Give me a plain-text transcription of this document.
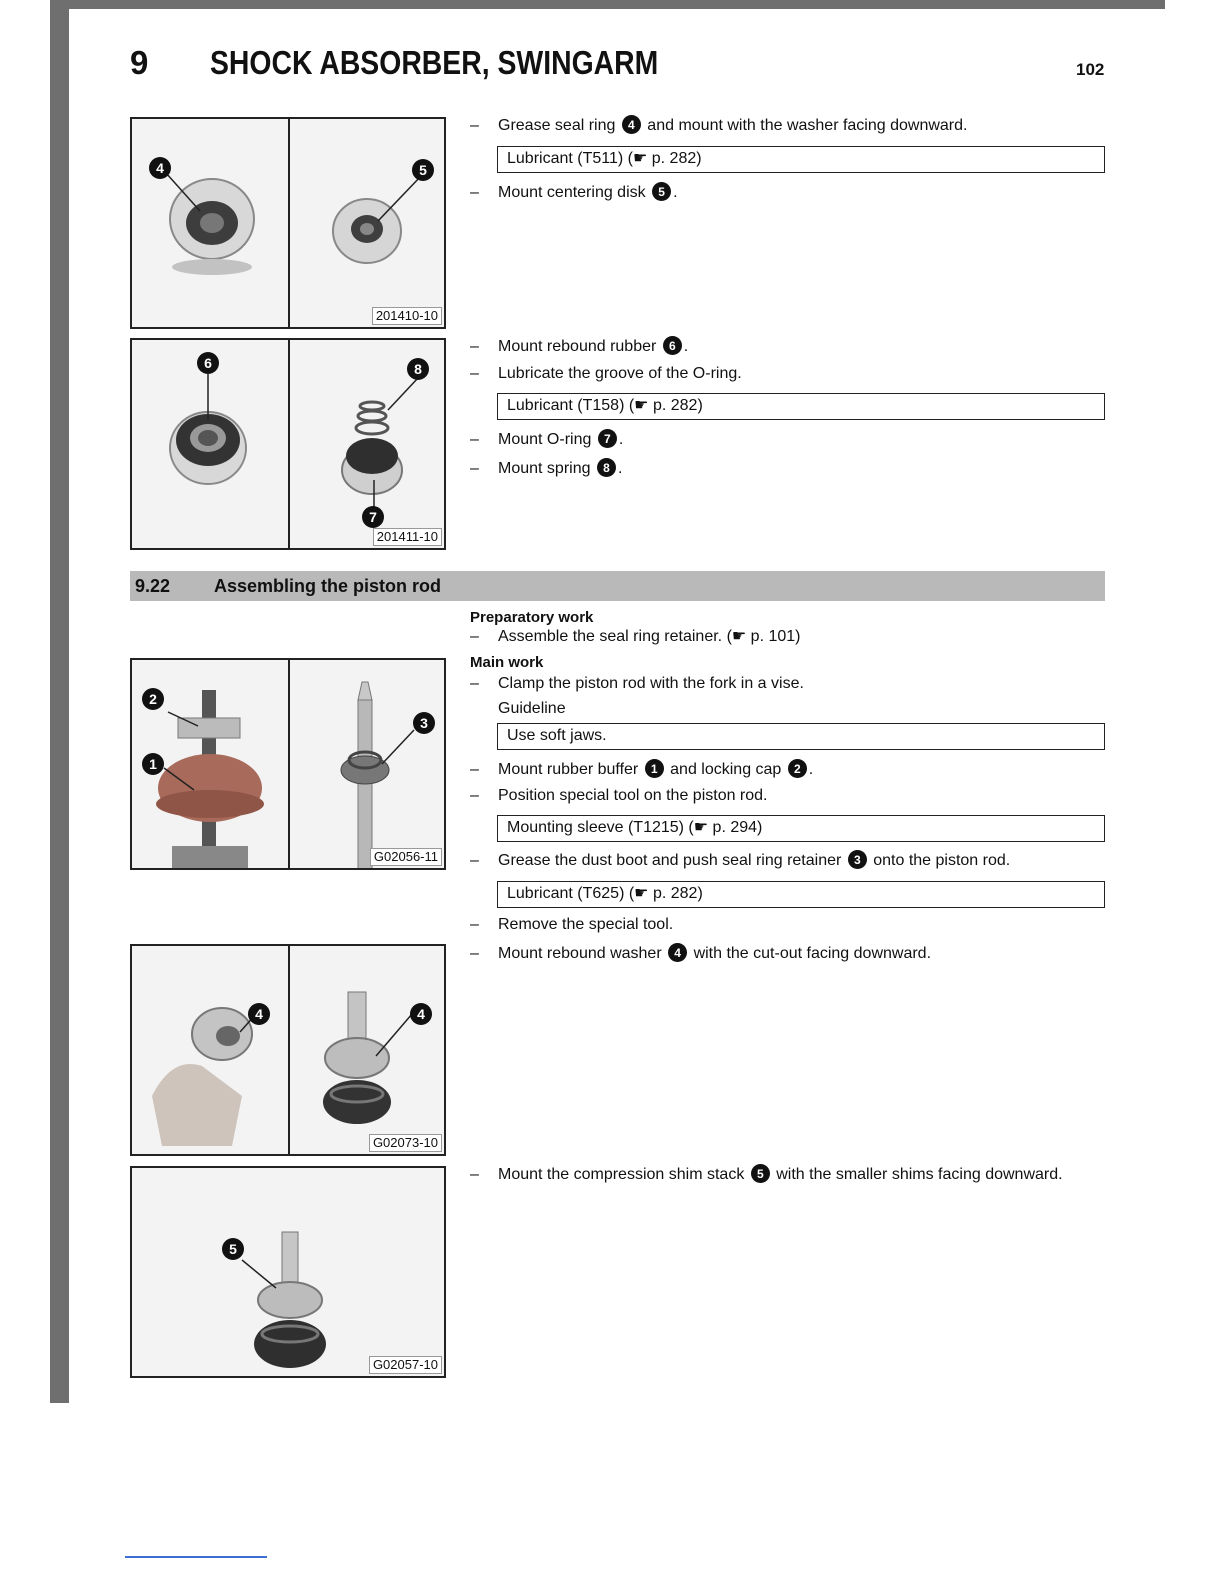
9 SHOCK ABSORBER, SWINGARM	102
4	5
201410-10
6	8
7
201411-10
2
1
3
G02056-11
4	4
G02073-10
5
G02057-10
– Grease seal ring 4 and mount with the washer facing downward.
Lubricant (T511) (☛ p. 282)
– Mount centering disk 5 .
– Mount rebound rubber 6 .
– Lubricate the groove of the O-ring.
Lubricant (T158) (☛ p. 282)
– Mount O-ring 7 .
– Mount spring 8 .
9.22 Assembling the piston rod
Preparatory work
– Assemble the seal ring retainer. (☛ p. 101)
Main work
– Clamp the piston rod with the fork in a vise.
Guideline
Use soft jaws.
– Mount rubber buffer 1 and locking cap 2 .
– Position special tool on the piston rod.
Mounting sleeve (T1215) (☛ p. 294)
– Grease the dust boot and push seal ring retainer 3 onto the piston rod.
Lubricant (T625) (☛ p. 282)
– Remove the special tool.
– Mount rebound washer 4 with the cut-out facing downward.
– Mount the compression shim stack 5 with the smaller shims facing downward.
